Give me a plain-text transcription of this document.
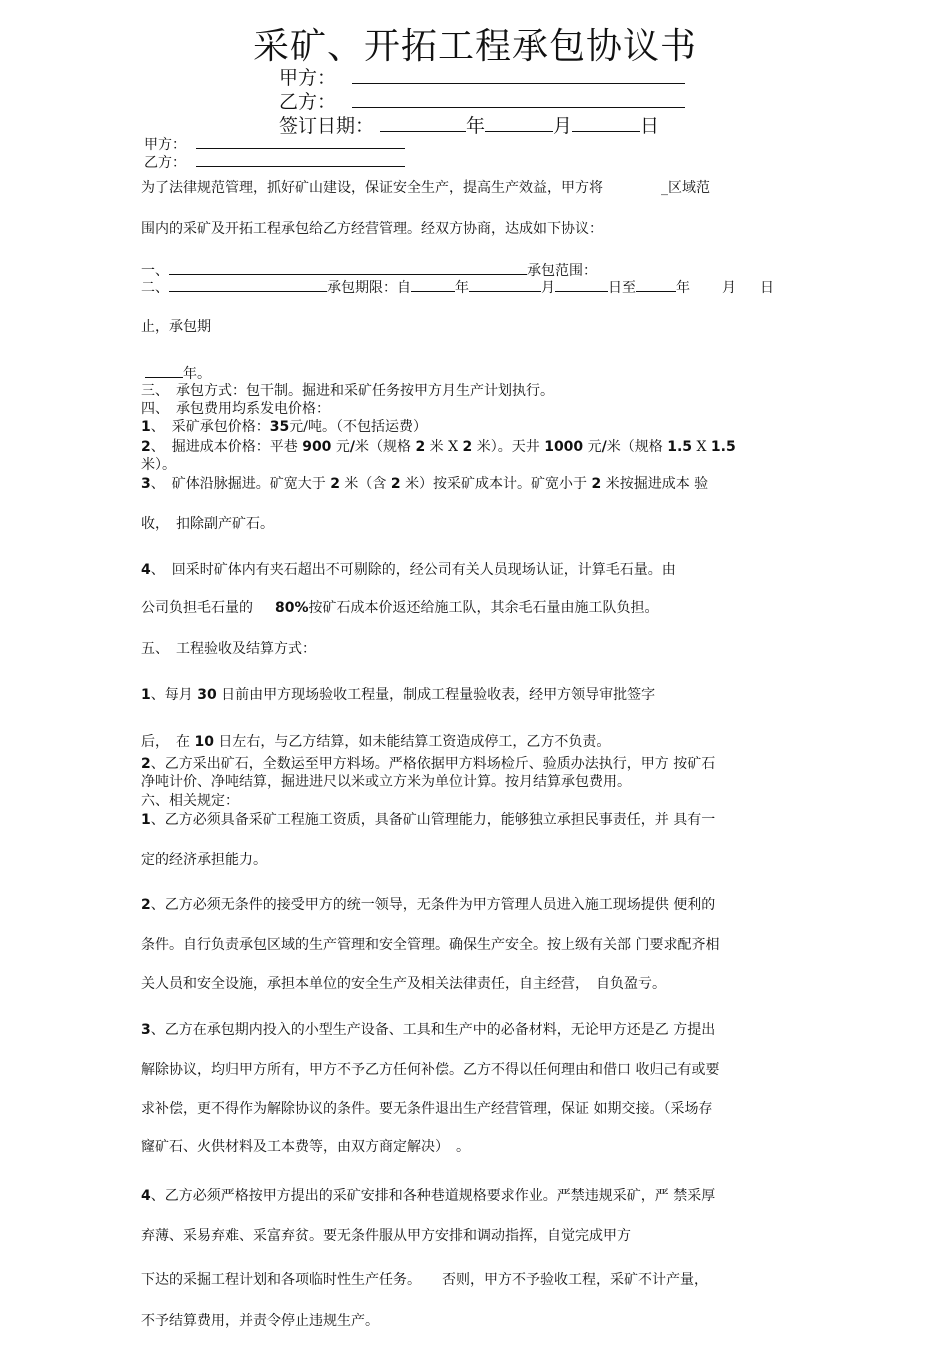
采矿、开拓工程承包协议书
甲方：
乙方：
签订日期：	年	月	日
甲方：
乙方：
为了法律规范管理，抓好矿山建设，保证安全生产，提高生产效益，甲方将	_区域范
围内的采矿及开拓工程承包给乙方经营管理。经双方协商，达成如下协议：
一、	承包范围：
二、	承包期限：自	年	月	日至	年 月 日
止，承包期
年。
三、　承包方式：包干制。掘进和采矿任务按甲方月生产计划执行。
四、　承包费用均系发电价格：
1、　采矿承包价格：35元/吨。（不包括运费）
2、　掘进成本价格：平巷 900 元/米（规格 2 米 X 2 米）。天井 1000 元/米（规格 1.5 X 1.5
米）。
3、　矿体沿脉掘进。矿宽大于 2 米（含 2 米）按采矿成本计。矿宽小于 2 米按掘进成本 验
收，　扣除副产矿石。
4、　回采时矿体内有夹石超出不可剔除的，经公司有关人员现场认证，计算毛石量。由
公司负担毛石量的 80%按矿石成本价返还给施工队，其余毛石量由施工队负担。
五、　工程验收及结算方式：
1、每月 30 日前由甲方现场验收工程量，制成工程量验收表，经甲方领导审批签字
后，　在 10 日左右，与乙方结算，如未能结算工资造成停工，乙方不负责。
2、乙方采出矿石，全数运至甲方料场。严格依据甲方料场检斤、验质办法执行，甲方 按矿石
净吨计价、净吨结算，掘进进尺以米或立方米为单位计算。按月结算承包费用。
六、相关规定：
1、乙方必须具备采矿工程施工资质，具备矿山管理能力，能够独立承担民事责任，并 具有一
定的经济承担能力。
2、乙方必须无条件的接受甲方的统一领导，无条件为甲方管理人员进入施工现场提供 便利的
条件。自行负责承包区域的生产管理和安全管理。确保生产安全。按上级有关部 门要求配齐相
关人员和安全设施，承担本单位的安全生产及相关法律责任，自主经营，　自负盈亏。
3、乙方在承包期内投入的小型生产设备、工具和生产中的必备材料，无论甲方还是乙 方提出
解除协议，均归甲方所有，甲方不予乙方任何补偿。乙方不得以任何理由和借口 收归己有或要
求补偿，更不得作为解除协议的条件。要无条件退出生产经营管理，保证 如期交接。（采场存
窿矿石、火供材料及工本费等，由双方商定解决）　。
4、乙方必须严格按甲方提出的采矿安排和各种巷道规格要求作业。严禁违规采矿，严 禁采厚
弃薄、采易弃难、采富弃贫。要无条件服从甲方安排和调动指挥，自觉完成甲方
下达的采掘工程计划和各项临时性生产任务。　　否则，甲方不予验收工程，采矿不计产量，
不予结算费用，并责令停止违规生产。
